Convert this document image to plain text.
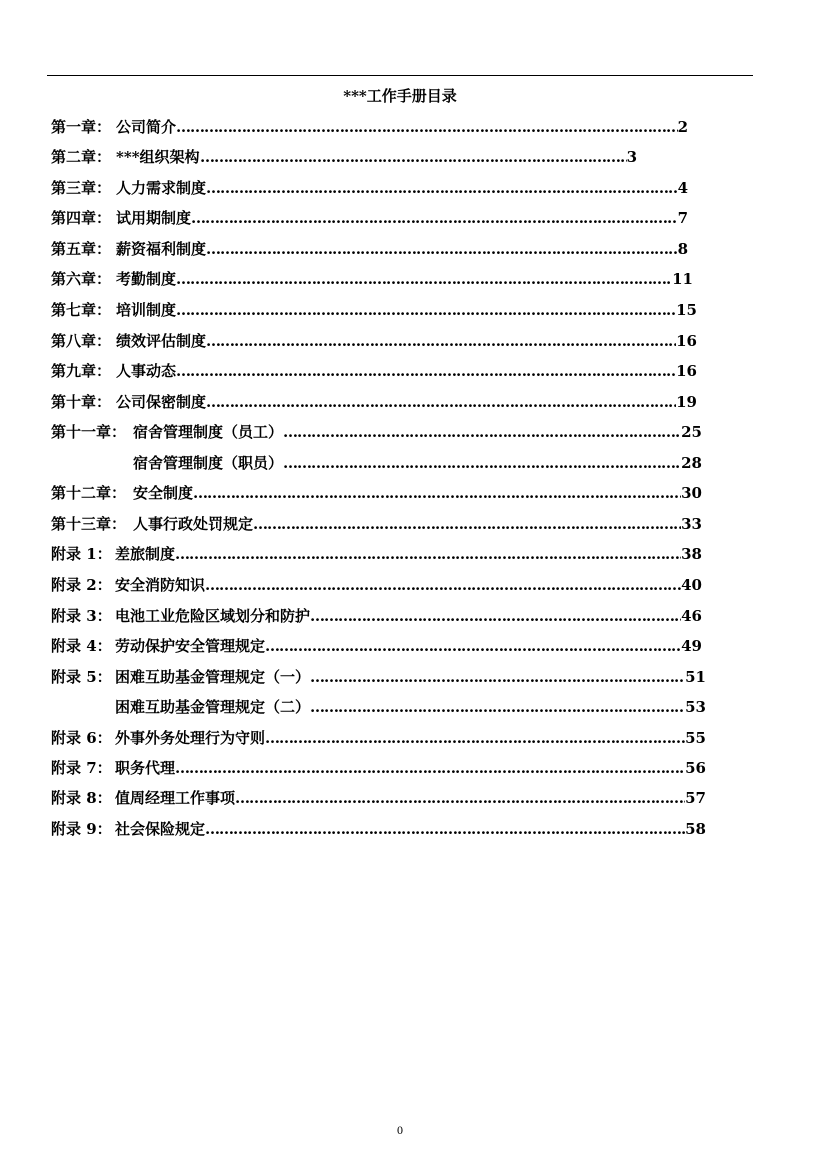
***工作手册目录
第一章： 公司简介 …………………………………………………………………………………………………………………………	2
第二章： ***组织架构 …………………………………………………………………………………………………………………………	3
第三章： 人力需求制度 …………………………………………………………………………………………………………………………	4
第四章： 试用期制度 …………………………………………………………………………………………………………………………	7
第五章： 薪资福利制度 …………………………………………………………………………………………………………………………	8
第六章： 考勤制度 …………………………………………………………………………………………………………………………	11
第七章： 培训制度 …………………………………………………………………………………………………………………………	15
第八章： 绩效评估制度 …………………………………………………………………………………………………………………………	16
第九章： 人事动态 …………………………………………………………………………………………………………………………	16
第十章： 公司保密制度 …………………………………………………………………………………………………………………………	19
第十一章： 宿舍管理制度（员工） …………………………………………………………………………………………………………………………	25
宿舍管理制度（职员） …………………………………………………………………………………………………………………………	28
第十二章： 安全制度 …………………………………………………………………………………………………………………………	30
第十三章： 人事行政处罚规定 …………………………………………………………………………………………………………………………	33
附录 1： 差旅制度 …………………………………………………………………………………………………………………………	38
附录 2： 安全消防知识 …………………………………………………………………………………………………………………………	40
附录 3： 电池工业危险区域划分和防护 …………………………………………………………………………………………………………………………	46
附录 4： 劳动保护安全管理规定 …………………………………………………………………………………………………………………………	49
附录 5： 困难互助基金管理规定（一） …………………………………………………………………………………………………………………………	51
困难互助基金管理规定（二） …………………………………………………………………………………………………………………………	53
附录 6： 外事外务处理行为守则 …………………………………………………………………………………………………………………………	55
附录 7： 职务代理 …………………………………………………………………………………………………………………………	56
附录 8： 值周经理工作事项 …………………………………………………………………………………………………………………………	57
附录 9： 社会保险规定 …………………………………………………………………………………………………………………………	58
0
